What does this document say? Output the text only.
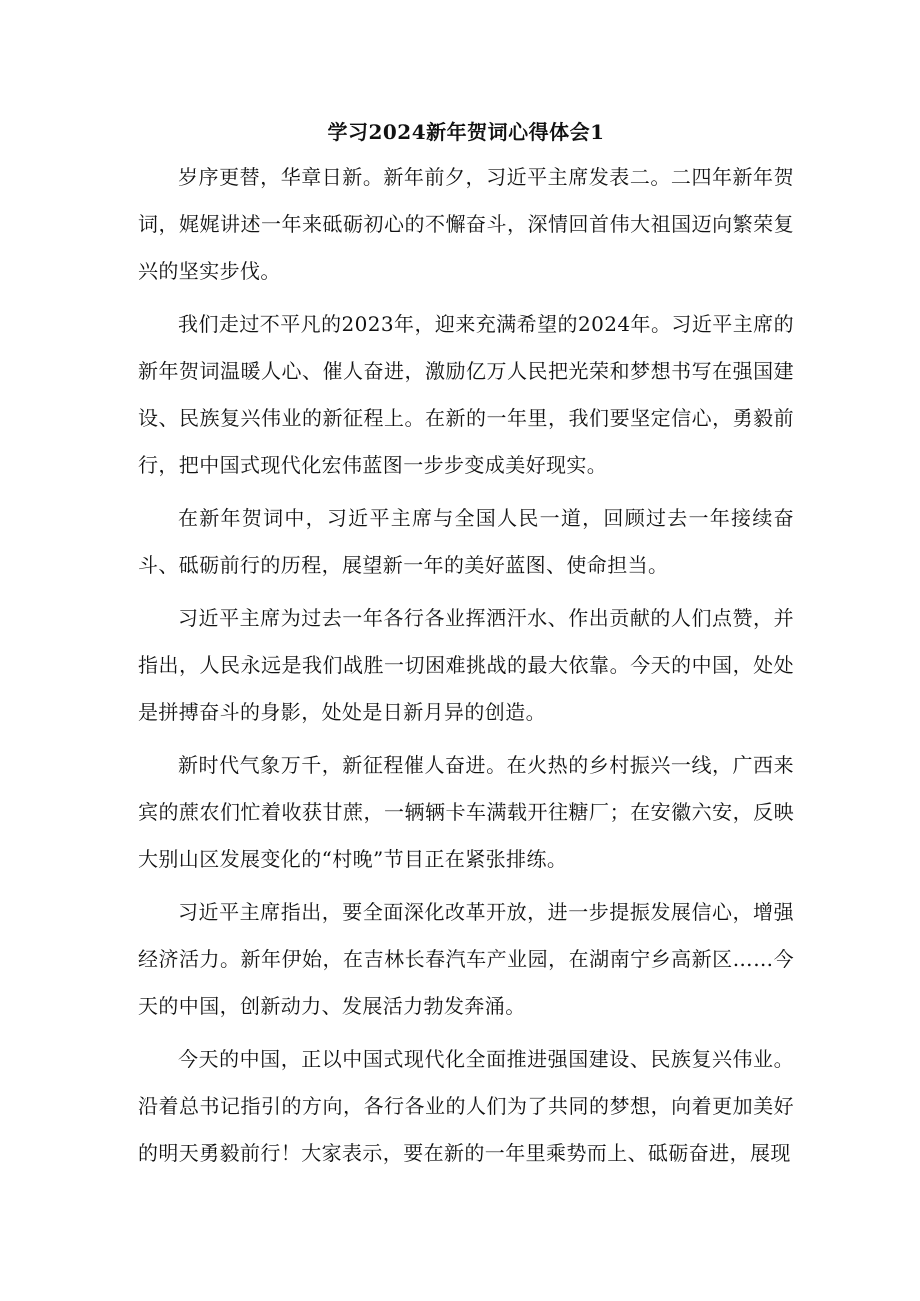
学习2024新年贺词心得体会1

岁序更替，华章日新。新年前夕，习近平主席发表二。二四年新年贺词，娓娓讲述一年来砥砺初心的不懈奋斗，深情回首伟大祖国迈向繁荣复兴的坚实步伐。

我们走过不平凡的2023年，迎来充满希望的2024年。习近平主席的新年贺词温暖人心、催人奋进，激励亿万人民把光荣和梦想书写在强国建设、民族复兴伟业的新征程上。在新的一年里，我们要坚定信心，勇毅前行，把中国式现代化宏伟蓝图一步步变成美好现实。

在新年贺词中，习近平主席与全国人民一道，回顾过去一年接续奋斗、砥砺前行的历程，展望新一年的美好蓝图、使命担当。

习近平主席为过去一年各行各业挥洒汗水、作出贡献的人们点赞，并指出，人民永远是我们战胜一切困难挑战的最大依靠。今天的中国，处处是拼搏奋斗的身影，处处是日新月异的创造。

新时代气象万千，新征程催人奋进。在火热的乡村振兴一线，广西来宾的蔗农们忙着收获甘蔗，一辆辆卡车满载开往糖厂；在安徽六安，反映大别山区发展变化的“村晚”节目正在紧张排练。

习近平主席指出，要全面深化改革开放，进一步提振发展信心，增强经济活力。新年伊始，在吉林长春汽车产业园，在湖南宁乡高新区……今天的中国，创新动力、发展活力勃发奔涌。

今天的中国，正以中国式现代化全面推进强国建设、民族复兴伟业。沿着总书记指引的方向，各行各业的人们为了共同的梦想，向着更加美好的明天勇毅前行！大家表示，要在新的一年里乘势而上、砥砺奋进，展现
